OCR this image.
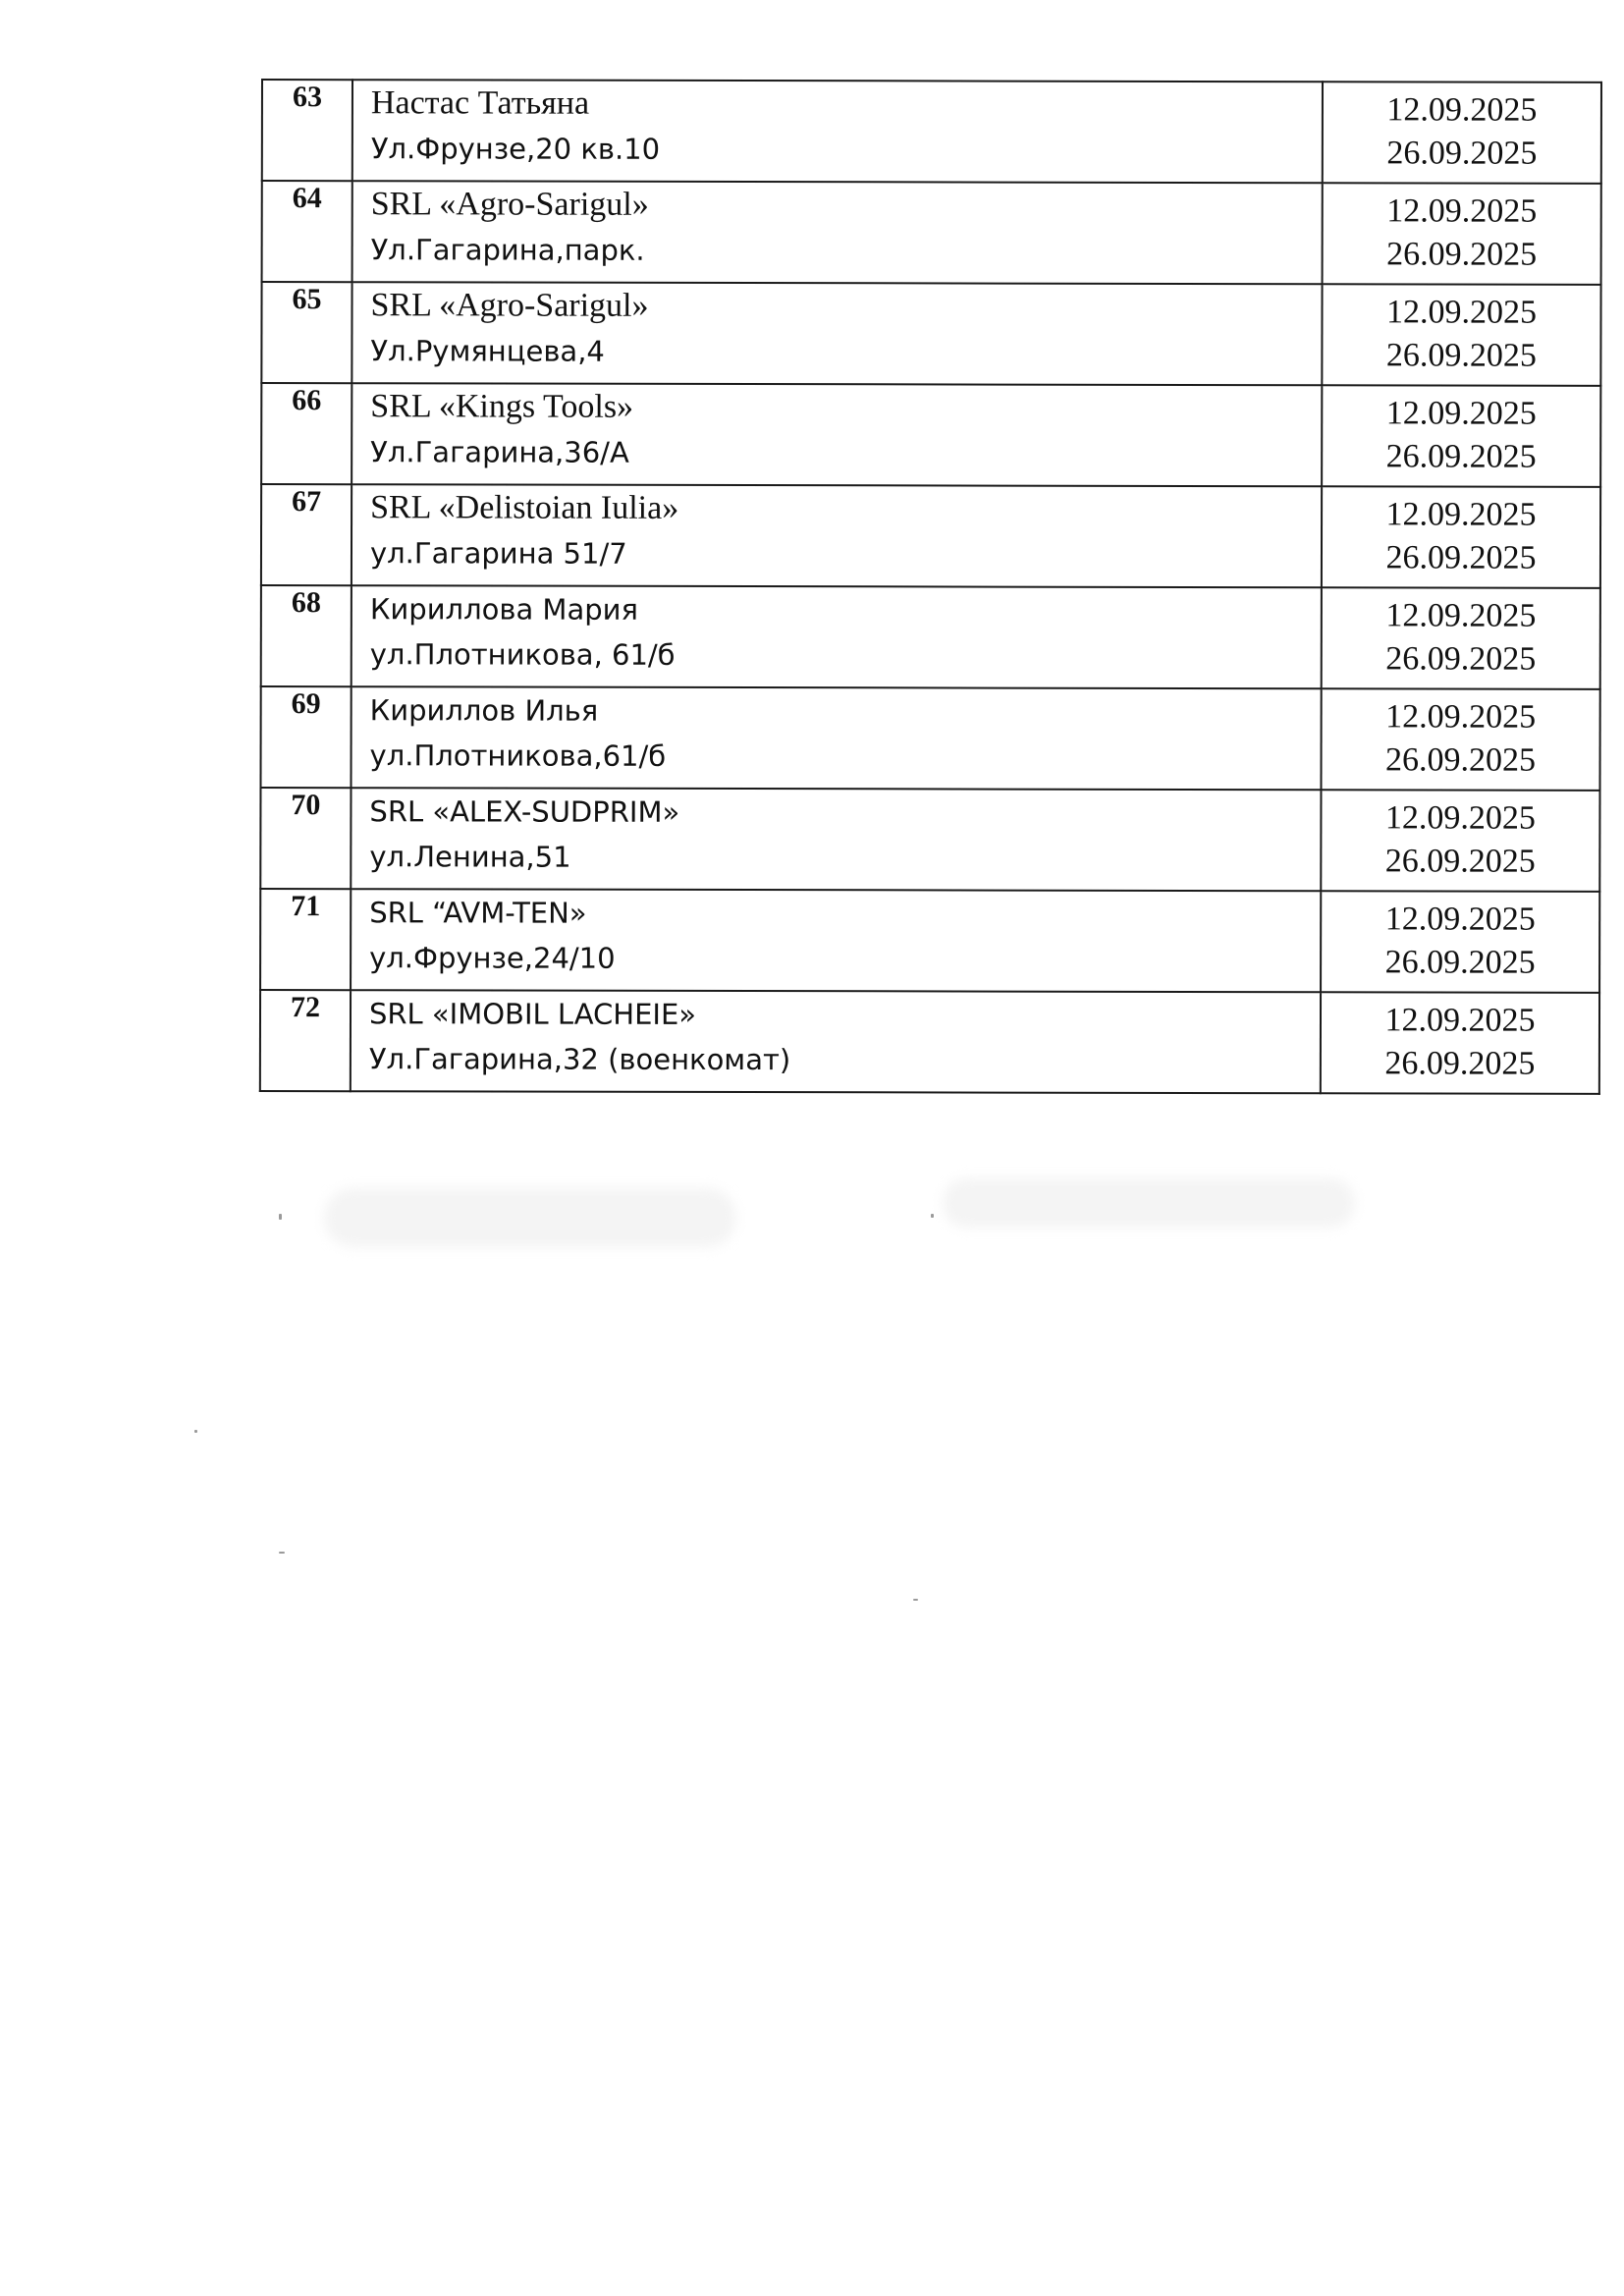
63	Настас Татьяна
Ул.Фрунзе,20 кв.10	12.09.2025
26.09.2025

64	SRL «Agro-Sarigul»
Ул.Гагарина,парк.	12.09.2025
26.09.2025

65	SRL «Agro-Sarigul»
Ул.Румянцева,4	12.09.2025
26.09.2025

66	SRL «Kings Tools»
Ул.Гагарина,36/А	12.09.2025
26.09.2025

67	SRL «Delistoian Iulia»
ул.Гагарина 51/7	12.09.2025
26.09.2025

68	Кириллова Мария
ул.Плотникова, 61/б	12.09.2025
26.09.2025

69	Кириллов Илья
ул.Плотникова,61/б	12.09.2025
26.09.2025

70	SRL «ALEX-SUDPRIM»
ул.Ленина,51	12.09.2025
26.09.2025

71	SRL “AVM-TEN»
ул.Фрунзе,24/10	12.09.2025
26.09.2025

72	SRL «IMOBIL LACHEIE»
Ул.Гагарина,32 (военкомат)	12.09.2025
26.09.2025
